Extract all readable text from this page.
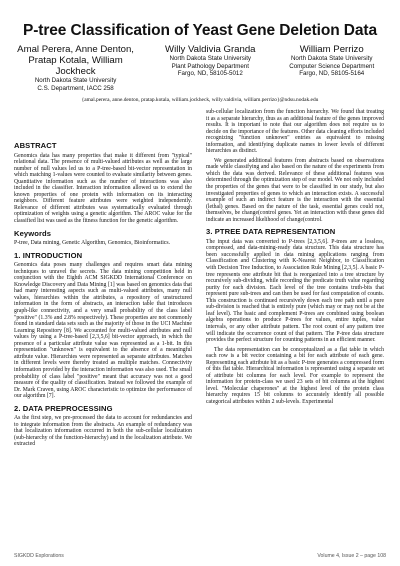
P-tree Classification of Yeast Gene Deletion Data
Amal Perera, Anne Denton,
Pratap Kotala, William Jockheck
North Dakota State University
C.S. Department, IACC 258
Willy Valdivia Granda
North Dakota State University
Plant Pathology Department
Fargo, ND, 58105-5012
William Perrizo
North Dakota State University
Computer Science Department
Fargo, ND, 58105-5164
{amal.perera, anne.denton, pratap.kotala, william.jockheck, willy.valdivia, william.perrizo}@ndsu.nodak.edu
ABSTRACT

Genomics data has many properties that make it different from "typical" relational data. The presence of multi-valued attributes as well as the large number of null values led us to a P-tree-based bit-vector representation in which matching 1-values were counted to evaluate similarity between genes. Quantitative information such as the number of interactions was also included in the classifier. Interaction information allowed us to extend the known properties of one protein with information on its interacting neighbors. Different feature attributes were weighted independently. Relevance of different attributes was systematically evaluated through optimization of weights using a genetic algorithm. The AROC value for the classified list was used as the fitness function for the genetic algorithm.

Keywords

P-tree, Data mining, Genetic Algorithm, Genomics, Bioinformatics.

1. INTRODUCTION

Genomics data poses many challenges and requires smart data mining techniques to unravel the secrets. The data mining competition held in conjunction with the Eighth ACM SIGKDD International Conference on Knowledge Discovery and Data Mining [1] was based on genomics data that had many interesting aspects such as multi-valued attributes, many null values, hierarchies within the attributes, a repository of unstructured information in the form of abstracts, an interaction table that introduces graph-like connectivity, and a very small probability of the class label "positive" (1.3% and 2.8% respectively). These properties are not commonly found in standard data sets such as the majority of those in the UCI Machine Learning Repository [8]. We accounted for multi-valued attributes and null values by using a P-tree-based [2,3,5,6] bit-vector approach, in which the presence of a particular attribute value was represented as a 1-bit. In this representation "unknown" is equivalent to the absence of a meaningful attribute value. Hierarchies were represented as separate attributes. Matches in different levels were thereby treated as multiple matches. Connectivity information provided by the interaction information was also used. The small probability of class label "positive" meant that accuracy was not a good measure of the quality of classification. Instead we followed the example of Dr. Mark Craven, using AROC characteristic to optimize the performance of our algorithm [7].

2. DATA PREPROCESSING

As the first step, we pre-processed the data to account for redundancies and to integrate information from the abstracts. An example of redundancy was that localization information occurred in both the sub-cellular localization (sub-hierarchy of the function-hierarchy) and in the localization attribute. We extracted

sub-cellular localization from the function hierarchy. We found that treating it as a separate hierarchy, thus as an additional feature of the genes improved results. It is important to note that our algorithm does not require us to decide on the importance of the features. Other data cleaning efforts included recognizing "function unknown" entries as equivalent to missing information, and identifying duplicate names in lower levels of different hierarchies as distinct.

We generated additional features from abstracts based on observations made while classifying and also based on the nature of the experiments from which the data was derived. Relevance of these additional features was determined through the optimization step of our model. We not only included the properties of the genes that were to be classified in our study, but also investigated properties of genes to which an interaction exists. A successful example of such an indirect feature is the interaction with the essential (lethal) genes. Based on the nature of the task, essential genes could not, themselves, be change(control genes. Yet an interaction with these genes did indicate an increased likelihood of change(control.

3. PTREE DATA REPRESENTATION

The input data was converted to P-trees [2,3,5,6]. P-trees are a lossless, compressed, and data-mining-ready data structure. This data structure has been successfully applied in data mining applications ranging from Classification and Clustering with K-Nearest Neighbor, to Classification with Decision Tree Induction, to Association Rule Mining [2,3,5]. A basic P-tree represents one attribute bit that is reorganized into a tree structure by recursively sub-dividing, while recording the predicate truth value regarding purity for each division. Each level of the tree contains truth-bits that represent pure sub-trees and can then be used for fast computation of counts. This construction is continued recursively down each tree path until a pure sub-division is reached that is entirely pure (which may or may not be at the leaf level). The basic and complement P-trees are combined using boolean algebra operations to produce P-trees for values, entire tuples, value intervals, or any other attribute pattern. The root count of any pattern tree will indicate the occurrence count of that pattern. The P-tree data structure provides the perfect structure for counting patterns in an efficient manner.

The data representation can be conceptualized as a flat table in which each row is a bit vector containing a bit for each attribute of each gene. Representing each attribute bit as a basic P-tree generates a compressed form of this flat table. Hierarchical information is represented using a separate set of attribute bit columns for each level. For example to represent the information for protein-class we used 23 sets of bit columns at the highest level. "Molecular chaperones" at the highest level of the protein class hierarchy requires 15 bit columns to accurately identify all possible categorical attributes within 2 sub-levels. Experimental

SIGKDD Explorations	Volume 4, Issue 2 – page 108
